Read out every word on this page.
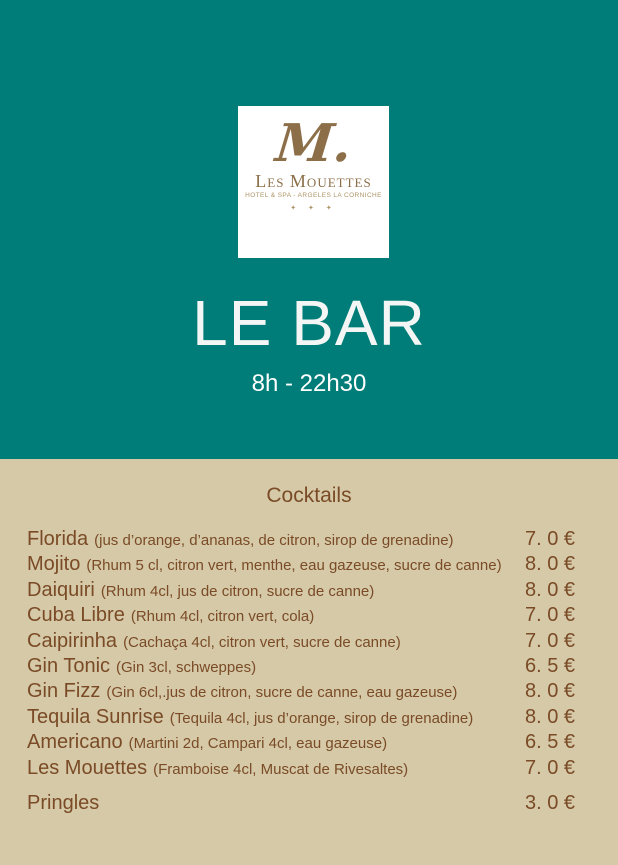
M.
Les Mouettes
HOTEL & SPA - ARGELES LA CORNICHE
✦ ✦ ✦
LE BAR
8h - 22h30
Cocktails
Florida (jus d’orange, d’ananas, de citron, sirop de grenadine)	7. 0 €
Mojito (Rhum 5 cl, citron vert, menthe, eau gazeuse, sucre de canne) 8. 0 €
Daiquiri (Rhum 4cl, jus de citron, sucre de canne)	8. 0 €
Cuba Libre (Rhum 4cl, citron vert, cola)	7. 0 €
Caipirinha (Cachaça 4cl, citron vert, sucre de canne)	7. 0 €
Gin Tonic (Gin 3cl, schweppes)	6. 5 €
Gin Fizz (Gin 6cl,.jus de citron, sucre de canne, eau gazeuse)	8. 0 €
Tequila Sunrise (Tequila 4cl, jus d’orange, sirop de grenadine)	8. 0 €
Americano (Martini 2d, Campari 4cl, eau gazeuse)	6. 5 €
Les Mouettes (Framboise 4cl, Muscat de Rivesaltes)	7. 0 €
Pringles	3. 0 €
